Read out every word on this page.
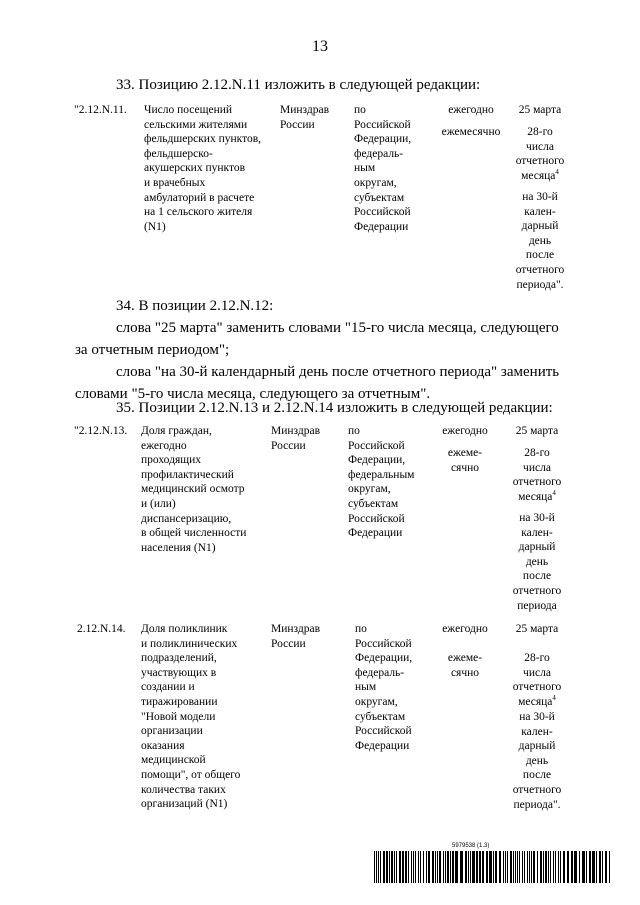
13
33. Позицию 2.12.N.11 изложить в следующей редакции:
"2.12.N.11. Число посещений
сельскими жителями
фельдшерских пунктов,
фельдшерско-
акушерских пунктов
и врачебных
амбулаторий в расчете
на 1 сельского жителя
(N1)
Минздрав
России
по
Российской
Федерации,
федераль-
ным
округам,
субъектам
Российской
Федерации
ежегодно
ежемесячно
25 марта
28-го
числа
отчетного
месяца$^4$
на 30-й
кален-
дарный
день
после
отчетного
периода".
34. В позиции 2.12.N.12:
слова "25 марта" заменить словами "15-го числа месяца, следующего
за отчетным периодом";
слова "на 30-й календарный день после отчетного периода" заменить
словами "5-го числа месяца, следующего за отчетным".
35. Позиции 2.12.N.13 и 2.12.N.14 изложить в следующей редакции:
"2.12.N.13. Доля граждан,
ежегодно
проходящих
профилактический
медицинский осмотр
и (или)
диспансеризацию,
в общей численности
населения (N1)
Минздрав
России
по
Российской
Федерации,
федеральным
округам,
субъектам
Российской
Федерации
ежегодно
ежеме-
сячно
25 марта
28-го
числа
отчетного
месяца$^4$
на 30-й
кален-
дарный
день
после
отчетного
периода
2.12.N.14. Доля поликлиник
и поликлинических
подразделений,
участвующих в
создании и
тиражировании
"Новой модели
организации
оказания
медицинской
помощи", от общего
количества таких
организаций (N1)
Минздрав
России
по
Российской
Федерации,
федераль-
ным
округам,
субъектам
Российской
Федерации
ежегодно
ежеме-
сячно
25 марта
28-го
числа
отчетного
месяца$^4$
на 30-й
кален-
дарный
день
после
отчетного
периода".
5979538 (1.3)
